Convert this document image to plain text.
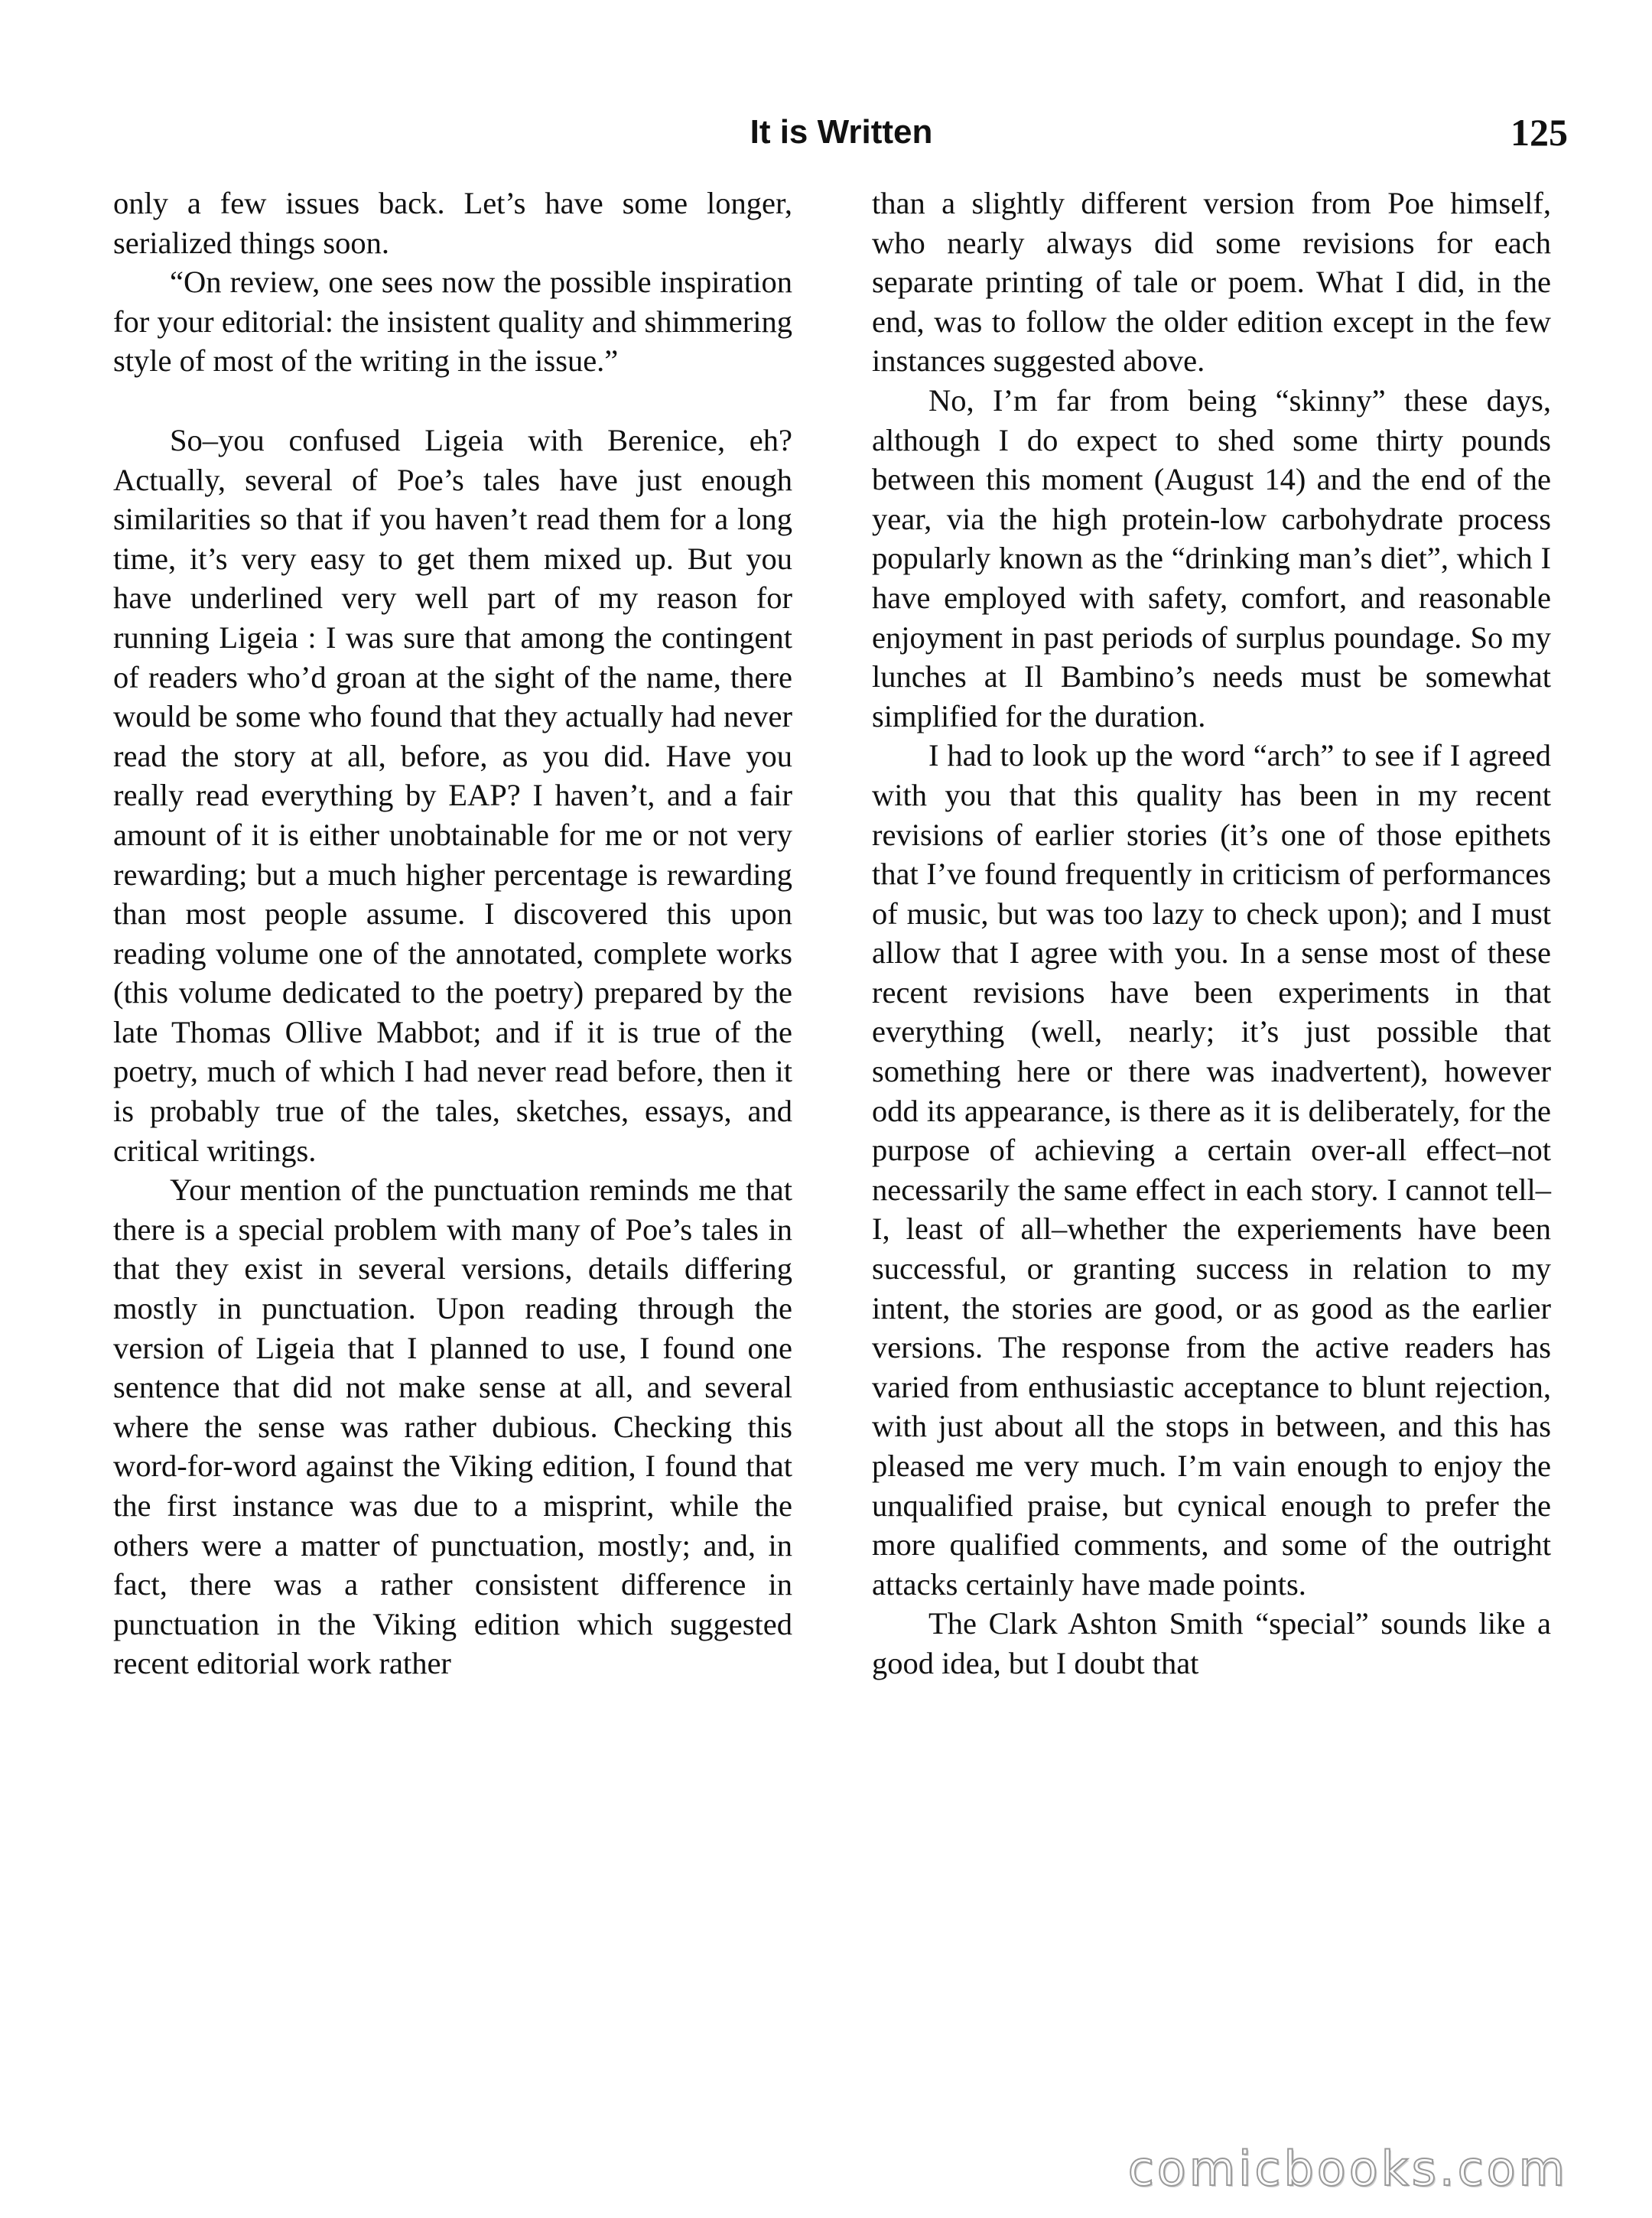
It is Written	125

only a few issues back. Let’s have some longer, serialized things soon.

“On review, one sees now the possible inspiration for your editorial: the insistent quality and shimmering style of most of the writing in the issue.”

So–you confused Ligeia with Berenice, eh? Actually, several of Poe’s tales have just enough similarities so that if you haven’t read them for a long time, it’s very easy to get them mixed up. But you have underlined very well part of my reason for running Ligeia : I was sure that among the contingent of readers who’d groan at the sight of the name, there would be some who found that they actually had never read the story at all, before, as you did. Have you really read everything by EAP? I haven’t, and a fair amount of it is either unobtainable for me or not very rewarding; but a much higher percentage is rewarding than most people assume. I discovered this upon reading volume one of the annotated, complete works (this volume dedicated to the poetry) prepared by the late Thomas Ollive Mabbot; and if it is true of the poetry, much of which I had never read before, then it is probably true of the tales, sketches, essays, and critical writings.

Your mention of the punctuation reminds me that there is a special problem with many of Poe’s tales in that they exist in several versions, details differing mostly in punctuation. Upon reading through the version of Ligeia that I planned to use, I found one sentence that did not make sense at all, and several where the sense was rather dubious. Checking this word-for-word against the Viking edition, I found that the first instance was due to a misprint, while the others were a matter of punctuation, mostly; and, in fact, there was a rather consistent difference in punctuation in the Viking edition which suggested recent editorial work rather

than a slightly different version from Poe himself, who nearly always did some revisions for each separate printing of tale or poem. What I did, in the end, was to follow the older edition except in the few instances suggested above.

No, I’m far from being “skinny” these days, although I do expect to shed some thirty pounds between this moment (August 14) and the end of the year, via the high protein-low carbohydrate process popularly known as the “drinking man’s diet”, which I have employed with safety, comfort, and reasonable enjoyment in past periods of surplus poundage. So my lunches at Il Bambino’s needs must be somewhat simplified for the duration.

I had to look up the word “arch” to see if I agreed with you that this quality has been in my recent revisions of earlier stories (it’s one of those epithets that I’ve found frequently in criticism of performances of music, but was too lazy to check upon); and I must allow that I agree with you. In a sense most of these recent revisions have been experiments in that everything (well, nearly; it’s just possible that something here or there was inadvertent), however odd its appearance, is there as it is deliberately, for the purpose of achieving a certain over-all effect–not necessarily the same effect in each story. I cannot tell–I, least of all–whether the experiements have been successful, or granting success in relation to my intent, the stories are good, or as good as the earlier versions. The response from the active readers has varied from enthusiastic acceptance to blunt rejection, with just about all the stops in between, and this has pleased me very much. I’m vain enough to enjoy the unqualified praise, but cynical enough to prefer the more qualified comments, and some of the outright attacks certainly have made points.

The Clark Ashton Smith “special” sounds like a good idea, but I doubt that

comicbooks.com
